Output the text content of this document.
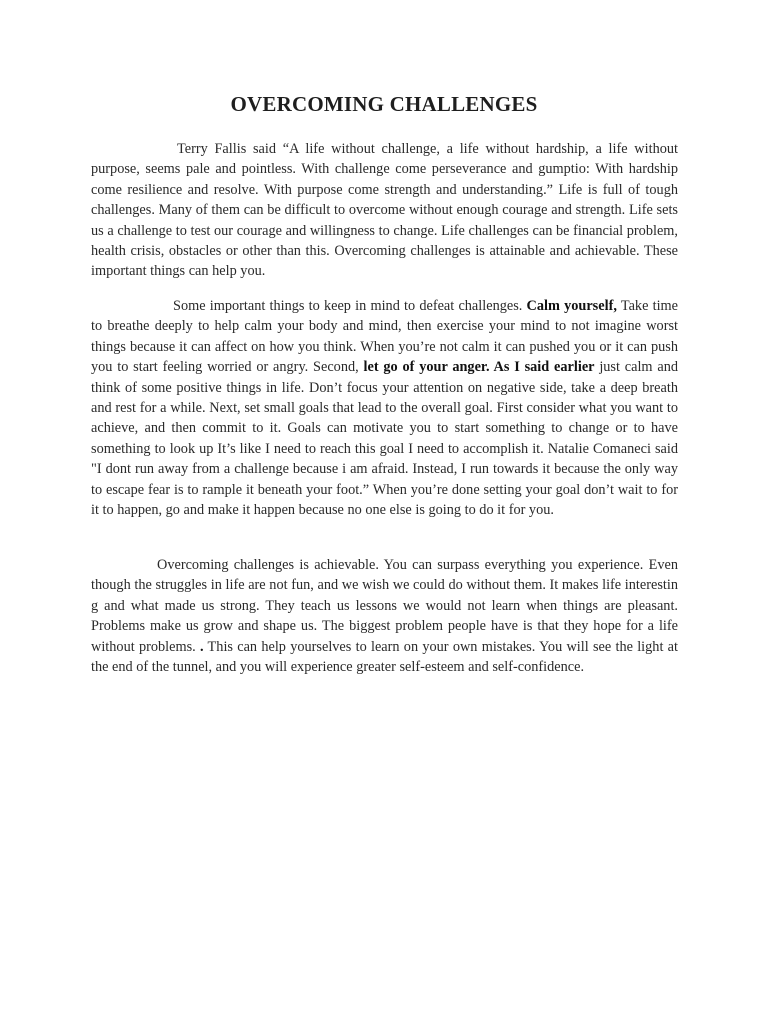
OVERCOMING CHALLENGES

Terry Fallis said “A life without challenge, a life without hardship, a life without purpose, seems pale and pointless. With challenge come perseverance and gumptio: With hardship come resilience and resolve. With purpose come strength and understanding.” Life is full of tough challenges. Many of them can be difficult to overcome without enough courage and strength. Life sets us a challenge to test our courage and willingness to change. Life challenges can be financial problem, health crisis, obstacles or other than this. Overcoming challenges is attainable and achievable. These important things can help you.

Some important things to keep in mind to defeat challenges. Calm yourself, Take time to breathe deeply to help calm your body and mind, then exercise your mind to not imagine worst things because it can affect on how you think. When you’re not calm it can pushed you or it can push you to start feeling worried or angry. Second, let go of your anger. As I said earlier just calm and think of some positive things in life. Don’t focus your attention on negative side, take a deep breath and rest for a while. Next, set small goals that lead to the overall goal. First consider what you want to achieve, and then commit to it. Goals can motivate you to start something to change or to have something to look up It’s like I need to reach this goal I need to accomplish it. Natalie Comaneci said "I dont run away from a challenge because i am afraid. Instead, I run towards it because the only way to escape fear is to rample it beneath your foot.” When you’re done setting your goal don’t wait to for it to happen, go and make it happen because no one else is going to do it for you.

Overcoming challenges is achievable. You can surpass everything you experience. Even though the struggles in life are not fun, and we wish we could do without them. It makes life interestin g and what made us strong. They teach us lessons we would not learn when things are pleasant. Problems make us grow and shape us. The biggest problem people have is that they hope for a life without problems. . This can help yourselves to learn on your own mistakes. You will see the light at the end of the tunnel, and you will experience greater self-esteem and self-confidence.
